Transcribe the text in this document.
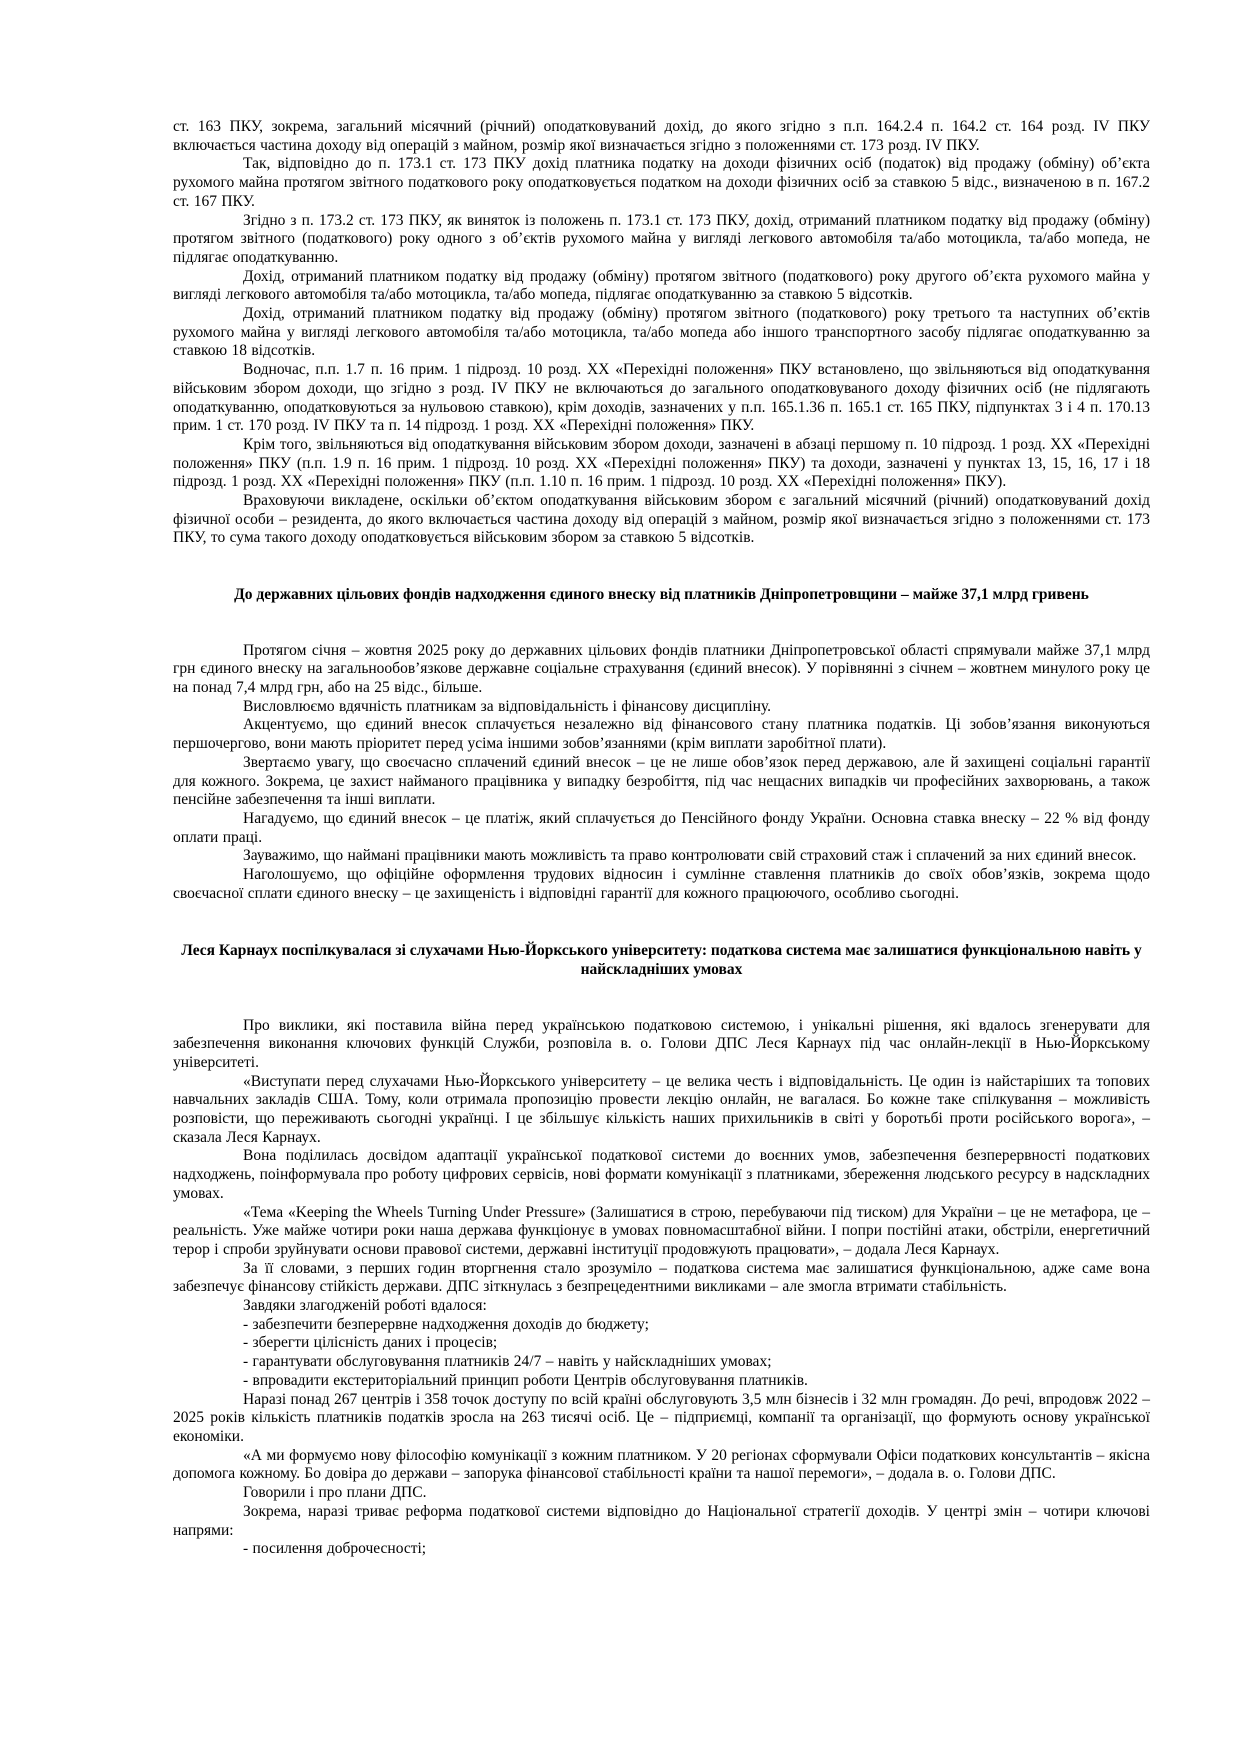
ст. 163 ПКУ, зокрема, загальний місячний (річний) оподатковуваний дохід, до якого згідно з п.п. 164.2.4 п. 164.2 ст. 164 розд. IV ПКУ включається частина доходу від операцій з майном, розмір якої визначається згідно з положеннями ст. 173 розд. IV ПКУ.

Так, відповідно до п. 173.1 ст. 173 ПКУ дохід платника податку на доходи фізичних осіб (податок) від продажу (обміну) об’єкта рухомого майна протягом звітного податкового року оподатковується податком на доходи фізичних осіб за ставкою 5 відс., визначеною в п. 167.2 ст. 167 ПКУ.

Згідно з п. 173.2 ст. 173 ПКУ, як виняток із положень п. 173.1 ст. 173 ПКУ, дохід, отриманий платником податку від продажу (обміну) протягом звітного (податкового) року одного з об’єктів рухомого майна у вигляді легкового автомобіля та/або мотоцикла, та/або мопеда, не підлягає оподаткуванню.

Дохід, отриманий платником податку від продажу (обміну) протягом звітного (податкового) року другого об’єкта рухомого майна у вигляді легкового автомобіля та/або мотоцикла, та/або мопеда, підлягає оподаткуванню за ставкою 5 відсотків.

Дохід, отриманий платником податку від продажу (обміну) протягом звітного (податкового) року третього та наступних об’єктів рухомого майна у вигляді легкового автомобіля та/або мотоцикла, та/або мопеда або іншого транспортного засобу підлягає оподаткуванню за ставкою 18 відсотків.

Водночас, п.п. 1.7 п. 16 прим. 1 підрозд. 10 розд. XX «Перехідні положення» ПКУ встановлено, що звільняються від оподаткування військовим збором доходи, що згідно з розд. IV ПКУ не включаються до загального оподатковуваного доходу фізичних осіб (не підлягають оподаткуванню, оподатковуються за нульовою ставкою), крім доходів, зазначених у п.п. 165.1.36 п. 165.1 ст. 165 ПКУ, підпунктах 3 і 4 п. 170.13 прим. 1 ст. 170 розд. IV ПКУ та п. 14 підрозд. 1 розд. XX «Перехідні положення» ПКУ.

Крім того, звільняються від оподаткування військовим збором доходи, зазначені в абзаці першому п. 10 підрозд. 1 розд. XX «Перехідні положення» ПКУ (п.п. 1.9 п. 16 прим. 1 підрозд. 10 розд. XX «Перехідні положення» ПКУ) та доходи, зазначені у пунктах 13, 15, 16, 17 і 18 підрозд. 1 розд. XX «Перехідні положення» ПКУ (п.п. 1.10 п. 16 прим. 1 підрозд. 10 розд. XX «Перехідні положення» ПКУ).

Враховуючи викладене, оскільки об’єктом оподаткування військовим збором є загальний місячний (річний) оподатковуваний дохід фізичної особи – резидента, до якого включається частина доходу від операцій з майном, розмір якої визначається згідно з положеннями ст. 173 ПКУ, то сума такого доходу оподатковується військовим збором за ставкою 5 відсотків.

До державних цільових фондів надходження єдиного внеску від платників Дніпропетровщини – майже 37,1 млрд гривень

Протягом січня – жовтня 2025 року до державних цільових фондів платники Дніпропетровської області спрямували майже 37,1 млрд грн єдиного внеску на загальнообов’язкове державне соціальне страхування (єдиний внесок). У порівнянні з січнем – жовтнем минулого року це на понад 7,4 млрд грн, або на 25 відс., більше.

Висловлюємо вдячність платникам за відповідальність і фінансову дисципліну.

Акцентуємо, що єдиний внесок сплачується незалежно від фінансового стану платника податків. Ці зобов’язання виконуються першочергово, вони мають пріоритет перед усіма іншими зобов’язаннями (крім виплати заробітної плати).

Звертаємо увагу, що своєчасно сплачений єдиний внесок – це не лише обов’язок перед державою, але й захищені соціальні гарантії для кожного. Зокрема, це захист найманого працівника у випадку безробіття, під час нещасних випадків чи професійних захворювань, а також пенсійне забезпечення та інші виплати.

Нагадуємо, що єдиний внесок – це платіж, який сплачується до Пенсійного фонду України. Основна ставка внеску – 22 % від фонду оплати праці.

Зауважимо, що наймані працівники мають можливість та право контролювати свій страховий стаж і сплачений за них єдиний внесок.

Наголошуємо, що офіційне оформлення трудових відносин і сумлінне ставлення платників до своїх обов’язків, зокрема щодо своєчасної сплати єдиного внеску – це захищеність і відповідні гарантії для кожного працюючого, особливо сьогодні.

Леся Карнаух поспілкувалася зі слухачами Нью-Йоркського університету: податкова система має залишатися функціональною навіть у найскладніших умовах

Про виклики, які поставила війна перед українською податковою системою, і унікальні рішення, які вдалось згенерувати для забезпечення виконання ключових функцій Служби, розповіла в. о. Голови ДПС Леся Карнаух під час онлайн-лекції в Нью-Йоркському університеті.

«Виступати перед слухачами Нью-Йоркського університету – це велика честь і відповідальність. Це один із найстаріших та топових навчальних закладів США. Тому, коли отримала пропозицію провести лекцію онлайн, не вагалася. Бо кожне таке спілкування – можливість розповісти, що переживають сьогодні українці. І це збільшує кількість наших прихильників в світі у боротьбі проти російського ворога», – сказала Леся Карнаух.

Вона поділилась досвідом адаптації української податкової системи до воєнних умов, забезпечення безперервності податкових надходжень, поінформувала про роботу цифрових сервісів, нові формати комунікації з платниками, збереження людського ресурсу в надскладних умовах.

«Тема «Keeping the Wheels Turning Under Pressure» (Залишатися в строю, перебуваючи під тиском) для України – це не метафора, це – реальність. Уже майже чотири роки наша держава функціонує в умовах повномасштабної війни. І попри постійні атаки, обстріли, енергетичний терор і спроби зруйнувати основи правової системи, державні інституції продовжують працювати», – додала Леся Карнаух.

За її словами, з перших годин вторгнення стало зрозуміло – податкова система має залишатися функціональною, адже саме вона забезпечує фінансову стійкість держави. ДПС зіткнулась з безпрецедентними викликами – але змогла втримати стабільність.

Завдяки злагодженій роботі вдалося:

- забезпечити безперервне надходження доходів до бюджету;

- зберегти цілісність даних і процесів;

- гарантувати обслуговування платників 24/7 – навіть у найскладніших умовах;

- впровадити екстериторіальний принцип роботи Центрів обслуговування платників.

Наразі понад 267 центрів і 358 точок доступу по всій країні обслуговують 3,5 млн бізнесів і 32 млн громадян. До речі, впродовж 2022 – 2025 років кількість платників податків зросла на 263 тисячі осіб. Це – підприємці, компанії та організації, що формують основу української економіки.

«А ми формуємо нову філософію комунікації з кожним платником. У 20 регіонах сформували Офіси податкових консультантів – якісна допомога кожному. Бо довіра до держави – запорука фінансової стабільності країни та нашої перемоги», – додала в. о. Голови ДПС.

Говорили і про плани ДПС.

Зокрема, наразі триває реформа податкової системи відповідно до Національної стратегії доходів. У центрі змін – чотири ключові напрями:

- посилення доброчесності;
